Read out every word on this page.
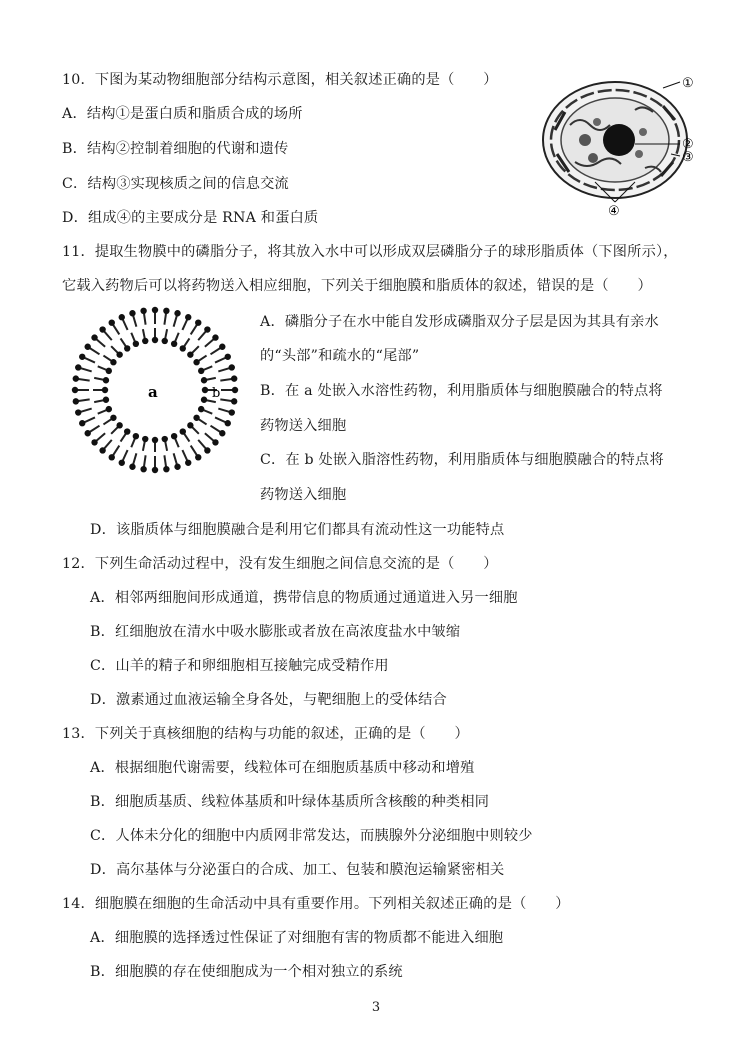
10．下图为某动物细胞部分结构示意图，相关叙述正确的是（　　）
A．结构①是蛋白质和脂质合成的场所
B．结构②控制着细胞的代谢和遗传
C．结构③实现核质之间的信息交流
D．组成④的主要成分是 RNA 和蛋白质
①
②
③
④
11．提取生物膜中的磷脂分子，将其放入水中可以形成双层磷脂分子的球形脂质体（下图所示），
它载入药物后可以将药物送入相应细胞，下列关于细胞膜和脂质体的叙述，错误的是（　　）
a	b
A．磷脂分子在水中能自发形成磷脂双分子层是因为其具有亲水
的“头部”和疏水的“尾部”
B．在 a 处嵌入水溶性药物，利用脂质体与细胞膜融合的特点将
药物送入细胞
C．在 b 处嵌入脂溶性药物，利用脂质体与细胞膜融合的特点将
药物送入细胞
D．该脂质体与细胞膜融合是利用它们都具有流动性这一功能特点
12．下列生命活动过程中，没有发生细胞之间信息交流的是（　　）
A．相邻两细胞间形成通道，携带信息的物质通过通道进入另一细胞
B．红细胞放在清水中吸水膨胀或者放在高浓度盐水中皱缩
C．山羊的精子和卵细胞相互接触完成受精作用
D．激素通过血液运输全身各处，与靶细胞上的受体结合
13．下列关于真核细胞的结构与功能的叙述，正确的是（　　）
A．根据细胞代谢需要，线粒体可在细胞质基质中移动和增殖
B．细胞质基质、线粒体基质和叶绿体基质所含核酸的种类相同
C．人体未分化的细胞中内质网非常发达，而胰腺外分泌细胞中则较少
D．高尔基体与分泌蛋白的合成、加工、包装和膜泡运输紧密相关
14．细胞膜在细胞的生命活动中具有重要作用。下列相关叙述正确的是（　　）
A．细胞膜的选择透过性保证了对细胞有害的物质都不能进入细胞
B．细胞膜的存在使细胞成为一个相对独立的系统
3
